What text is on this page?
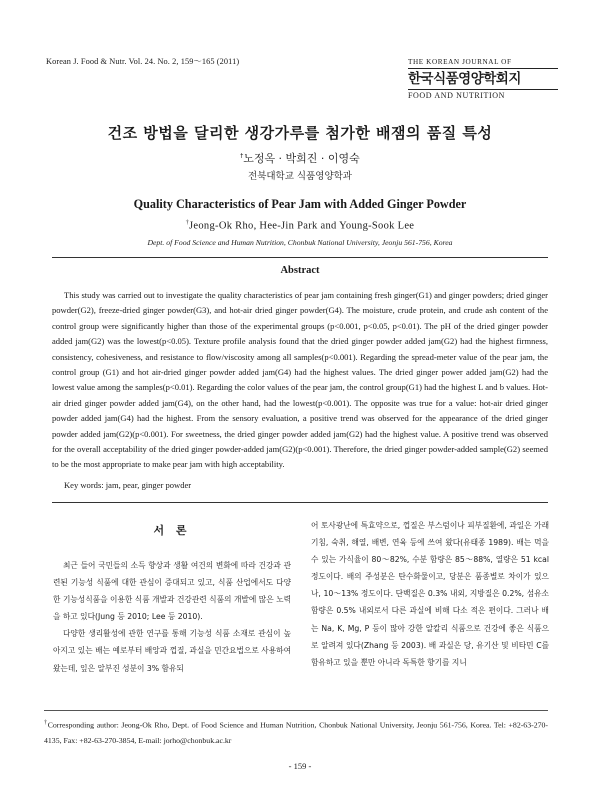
Korean J. Food & Nutr. Vol. 24. No. 2, 159～165 (2011)	THE KOREAN JOURNAL OF
한국식품영양학회지
FOOD AND NUTRITION
건조 방법을 달리한 생강가루를 첨가한 배잼의 품질 특성
†노정옥 · 박희진 · 이영숙
전북대학교 식품영양학과
Quality Characteristics of Pear Jam with Added Ginger Powder
†Jeong-Ok Rho, Hee-Jin Park and Young-Sook Lee
Dept. of Food Science and Human Nutrition, Chonbuk National University, Jeonju 561-756, Korea
Abstract
This study was carried out to investigate the quality characteristics of pear jam containing fresh ginger(G1) and ginger powders; dried ginger powder(G2), freeze-dried ginger powder(G3), and hot-air dried ginger powder(G4). The moisture, crude protein, and crude ash content of the control group were significantly higher than those of the experimental groups (p<0.001, p<0.05, p<0.01). The pH of the dried ginger powder added jam(G2) was the lowest(p<0.05). Texture profile analysis found that the dried ginger powder added jam(G2) had the highest firmness, consistency, cohesiveness, and resistance to flow/viscosity among all samples(p<0.001). Regarding the spread-meter value of the pear jam, the control group (G1) and hot air-dried ginger powder added jam(G4) had the highest values. The dried ginger power added jam(G2) had the lowest value among the samples(p<0.01). Regarding the color values of the pear jam, the control group(G1) had the highest L and b values. Hot-air dried ginger powder added jam(G4), on the other hand, had the lowest(p<0.001). The opposite was true for a value: hot-air dried ginger powder added jam(G4) had the highest. From the sensory evaluation, a positive trend was observed for the appearance of the dried ginger powder added jam(G2)(p<0.001). For sweetness, the dried ginger powder added jam(G2) had the highest value. A positive trend was observed for the overall acceptability of the dried ginger powder-added jam(G2)(p<0.001). Therefore, the dried ginger powder-added sample(G2) seemed to be the most appropriate to make pear jam with high acceptability.
Key words: jam, pear, ginger powder
서 론

최근 들어 국민들의 소득 향상과 생활 여건의 변화에 따라 건강과 관련된 기능성 식품에 대한 관심이 증대되고 있고, 식품 산업에서도 다양한 기능성식품을 이용한 식품 개발과 건강관련 식품의 개발에 많은 노력을 하고 있다(Jung 등 2010; Lee 등 2010).

다양한 생리활성에 관한 연구를 통해 기능성 식품 소재로 관심이 높아지고 있는 배는 예로부터 배앙과 껍질, 과실을 민간요법으로 사용하여 왔는데, 잎은 알부진 성분이 3% 함유되

어 토사광난에 특효약으로, 껍질은 부스럼이나 피부질환에, 과일은 가래기침, 숙취, 해열, 배변, 연육 등에 쓰여 왔다(유태종 1989). 배는 먹을 수 있는 가식율이 80～82%, 수분 함량은 85～88%, 열량은 51 kcal 정도이다. 배의 주성분은 탄수화물이고, 당분은 품종별로 차이가 있으나, 10～13% 정도이다. 단백질은 0.3% 내외, 지방질은 0.2%, 섬유소 함량은 0.5% 내외로서 다른 과실에 비해 다소 적은 편이다. 그러나 배는 Na, K, Mg, P 등이 많아 강한 알칼리 식품으로 건강에 좋은 식품으로 알려져 있다(Zhang 등 2003). 배 과실은 당, 유기산 및 비타민 C를 함유하고 있을 뿐만 아니라 독특한 향기를 지니

†Corresponding author: Jeong-Ok Rho, Dept. of Food Science and Human Nutrition, Chonbuk National University, Jeonju 561-756, Korea. Tel: +82-63-270-4135, Fax: +82-63-270-3854, E-mail: jorho@chonbuk.ac.kr
- 159 -
